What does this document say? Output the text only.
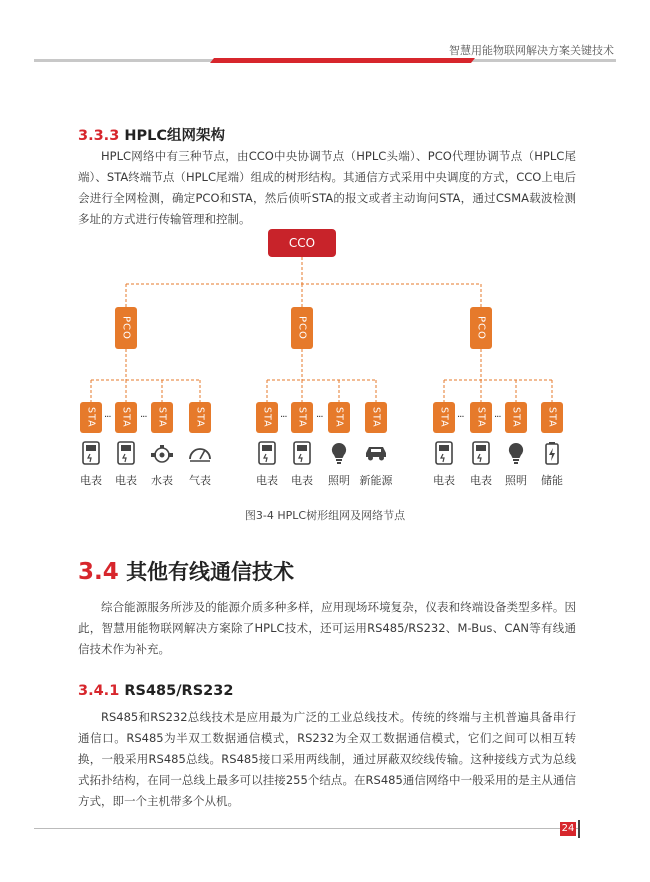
智慧用能物联网解决方案关键技术
3.3.3 HPLC组网架构

HPLC网络中有三种节点，由CCO中央协调节点（HPLC头端）、PCO代理协调节点（HPLC尾端）、STA终端节点（HPLC尾端）组成的树形结构。其通信方式采用中央调度的方式，CCO上电后会进行全网检测，确定PCO和STA，然后侦听STA的报文或者主动询问STA，通过CSMA载波检测多址的方式进行传输管理和控制。

CCO
PCO	PCO	PCO
STA ··· STA ··· STA	STA	STA ··· STA ··· STA	STA	STA ··· STA ··· STA	STA
电表	电表	水表	气表	电表	电表	照明 新能源	电表	电表	照明	储能
图3-4 HPLC树形组网及网络节点
3.4 其他有线通信技术

综合能源服务所涉及的能源介质多种多样，应用现场环境复杂，仪表和终端设备类型多样。因此，智慧用能物联网解决方案除了HPLC技术，还可运用RS485/RS232、M-Bus、CAN等有线通信技术作为补充。

3.4.1 RS485/RS232

RS485和RS232总线技术是应用最为广泛的工业总线技术。传统的终端与主机普遍具备串行通信口。RS485为半双工数据通信模式，RS232为全双工数据通信模式，它们之间可以相互转换，一般采用RS485总线。RS485接口采用两线制，通过屏蔽双绞线传输。这种接线方式为总线式拓扑结构，在同一总线上最多可以挂接255个结点。在RS485通信网络中一般采用的是主从通信方式，即一个主机带多个从机。

24
